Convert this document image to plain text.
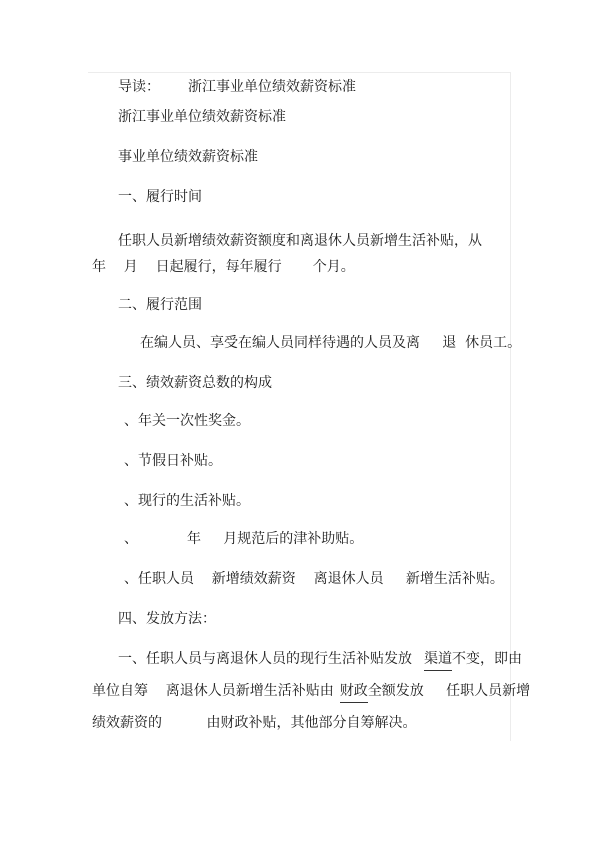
导读： 浙江事业单位绩效薪资标准

浙江事业单位绩效薪资标准

事业单位绩效薪资标准

一、履行时间

任职人员新增绩效薪资额度和离退休人员新增生活补贴，从

年    月    日起履行，每年履行       个月。

二、履行范围

在编人员、享受在编人员同样待遇的人员及离     退  休员工。

三、绩效薪资总数的构成

、年关一次性奖金。

、节假日补贴。

、现行的生活补贴。

、           年     月规范后的津补助贴。

、任职人员    新增绩效薪资    离退休人员     新增生活补贴。

四、发放方法：

一、任职人员与离退休人员的现行生活补贴发放 渠道不变，即由

单位自筹    离退休人员新增生活补贴由 财政全额发放     任职人员新增

绩效薪资的          由财政补贴，其他部分自筹解决。
